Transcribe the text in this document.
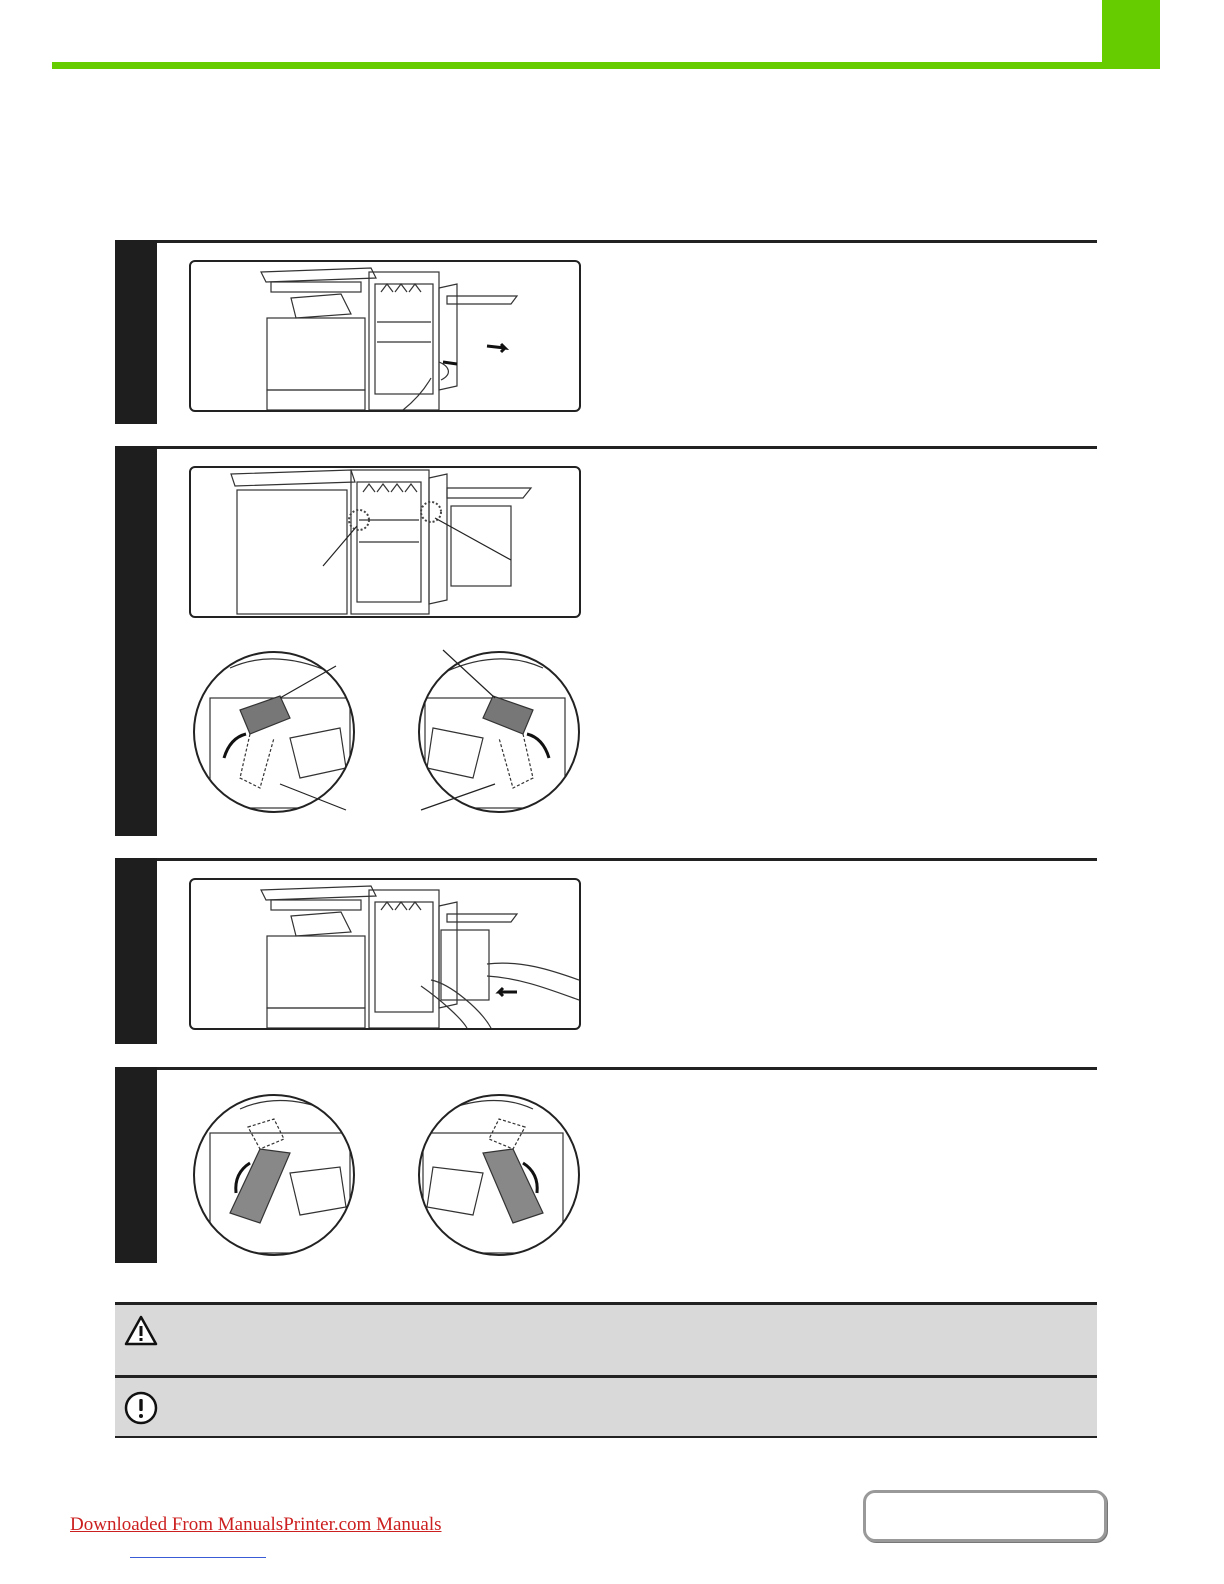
Downloaded From ManualsPrinter.com Manuals
